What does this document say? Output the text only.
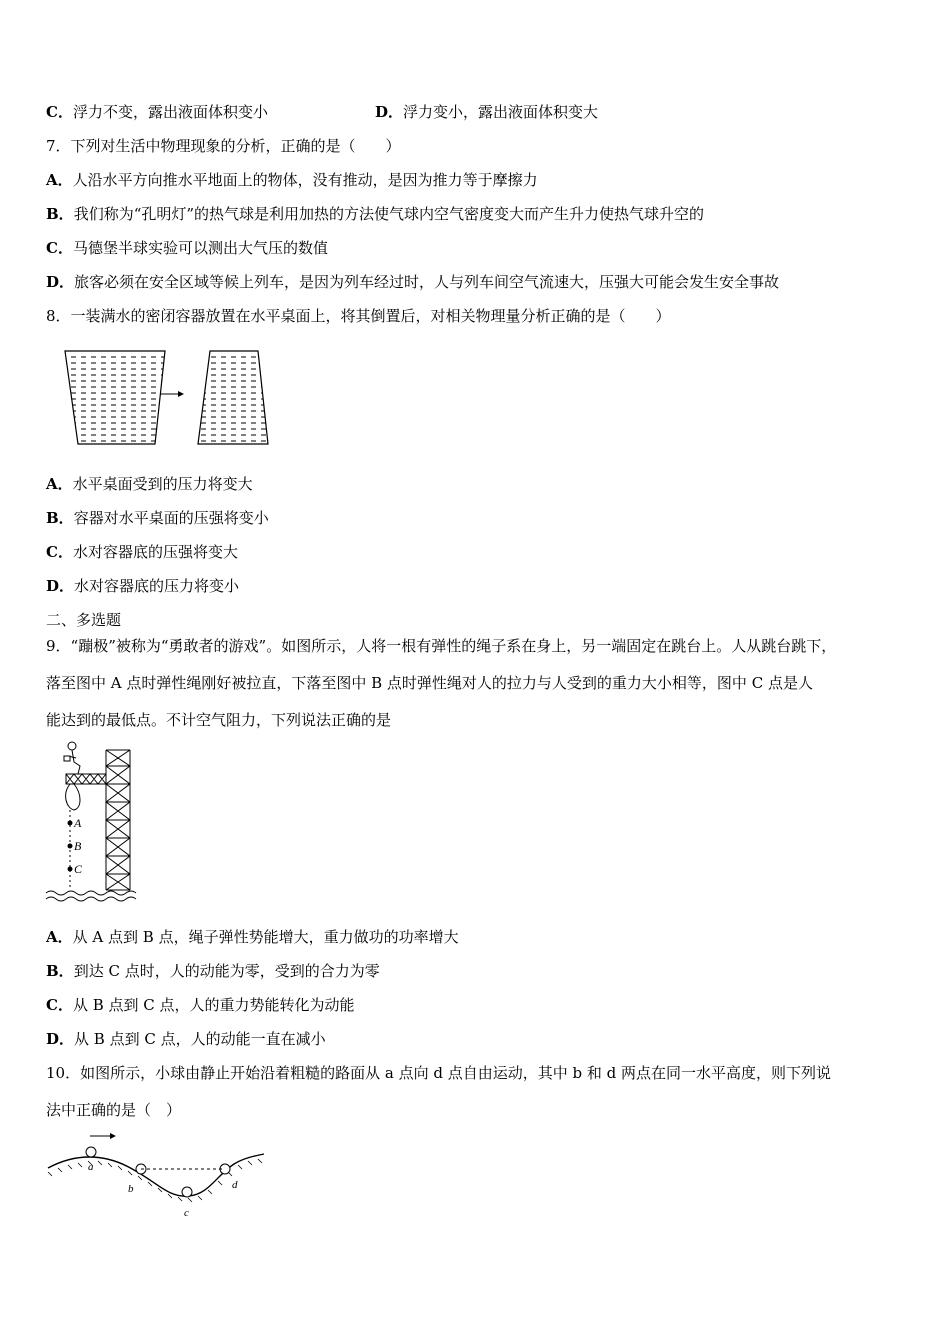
C．浮力不变，露出液面体积变小	D．浮力变小，露出液面体积变大
7．下列对生活中物理现象的分析，正确的是（　　）
A．人沿水平方向推水平地面上的物体，没有推动，是因为推力等于摩擦力
B．我们称为“孔明灯”的热气球是利用加热的方法使气球内空气密度变大而产生升力使热气球升空的
C．马德堡半球实验可以测出大气压的数值
D．旅客必须在安全区域等候上列车，是因为列车经过时，人与列车间空气流速大，压强大可能会发生安全事故
8．一装满水的密闭容器放置在水平桌面上，将其倒置后，对相关物理量分析正确的是（　　）
A．水平桌面受到的压力将变大
B．容器对水平桌面的压强将变小
C．水对容器底的压强将变大
D．水对容器底的压力将变小
二、多选题
9．“蹦极”被称为“勇敢者的游戏”。如图所示，人将一根有弹性的绳子系在身上，另一端固定在跳台上。人从跳台跳下，
落至图中 A 点时弹性绳刚好被拉直，下落至图中 B 点时弹性绳对人的拉力与人受到的重力大小相等，图中 C 点是人
能达到的最低点。不计空气阻力，下列说法正确的是
A
B
C
A．从 A 点到 B 点，绳子弹性势能增大，重力做功的功率增大
B．到达 C 点时，人的动能为零，受到的合力为零
C．从 B 点到 C 点，人的重力势能转化为动能
D．从 B 点到 C 点，人的动能一直在减小
10．如图所示，小球由静止开始沿着粗糙的路面从 a 点向 d 点自由运动，其中 b 和 d 两点在同一水平高度，则下列说
法中正确的是（　）
a
b
c
d
